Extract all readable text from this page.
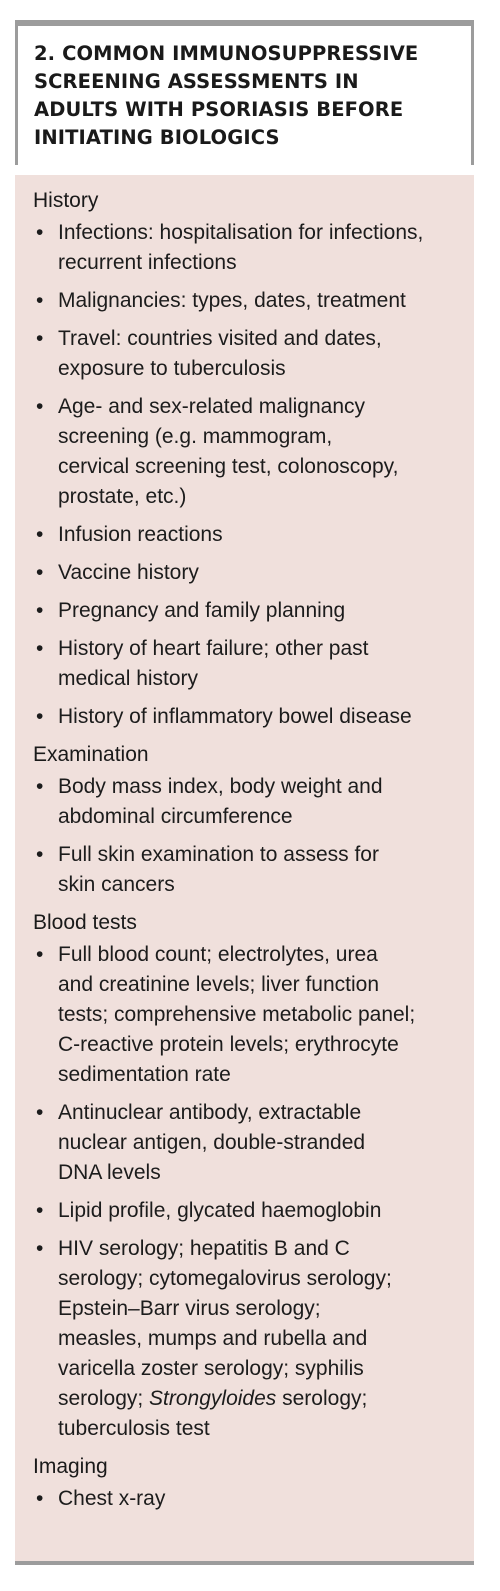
2. COMMON IMMUNOSUPPRESSIVE
SCREENING ASSESSMENTS IN
ADULTS WITH PSORIASIS BEFORE
INITIATING BIOLOGICS
History
• Infections: hospitalisation for infections,
recurrent infections
• Malignancies: types, dates, treatment
• Travel: countries visited and dates,
exposure to tuberculosis
• Age- and sex-related malignancy
screening (e.g. mammogram,
cervical screening test, colonoscopy,
prostate, etc.)
• Infusion reactions
• Vaccine history
• Pregnancy and family planning
• History of heart failure; other past
medical history
• History of inflammatory bowel disease
Examination
• Body mass index, body weight and
abdominal circumference
• Full skin examination to assess for
skin cancers
Blood tests
• Full blood count; electrolytes, urea
and creatinine levels; liver function
tests; comprehensive metabolic panel;
C-reactive protein levels; erythrocyte
sedimentation rate
• Antinuclear antibody, extractable
nuclear antigen, double-stranded
DNA levels
• Lipid profile, glycated haemoglobin
• HIV serology; hepatitis B and C
serology; cytomegalovirus serology;
Epstein–Barr virus serology;
measles, mumps and rubella and
varicella zoster serology; syphilis
serology; Strongyloides serology;
tuberculosis test
Imaging
• Chest x-ray
